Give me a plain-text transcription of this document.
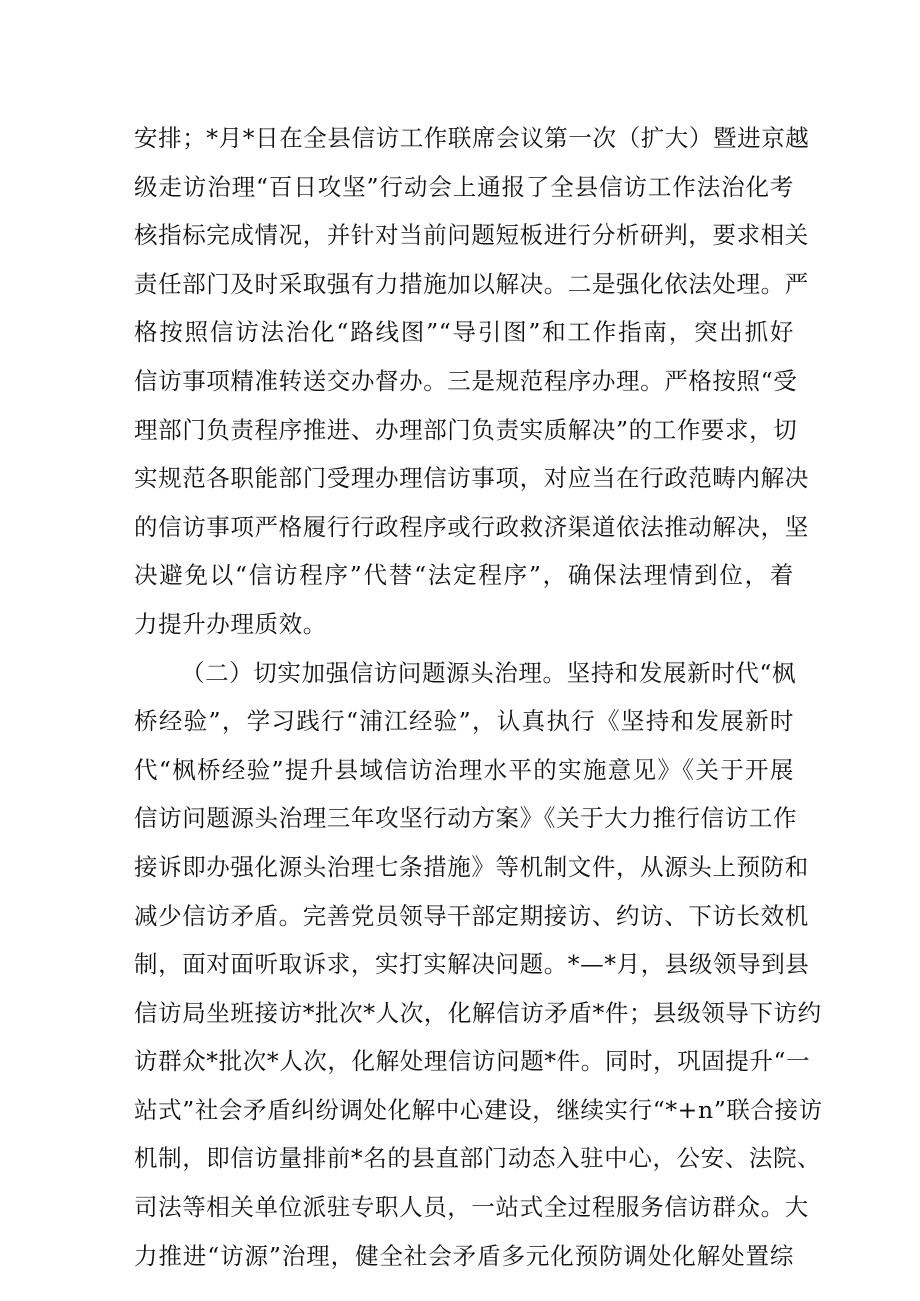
安排；*月*日在全县信访工作联席会议第一次（扩大）暨进京越
级走访治理“百日攻坚”行动会上通报了全县信访工作法治化考
核指标完成情况，并针对当前问题短板进行分析研判，要求相关
责任部门及时采取强有力措施加以解决。二是强化依法处理。严
格按照信访法治化“路线图”“导引图”和工作指南，突出抓好
信访事项精准转送交办督办。三是规范程序办理。严格按照“受
理部门负责程序推进、办理部门负责实质解决”的工作要求，切
实规范各职能部门受理办理信访事项，对应当在行政范畴内解决
的信访事项严格履行行政程序或行政救济渠道依法推动解决，坚
决避免以“信访程序”代替“法定程序”，确保法理情到位，着
力提升办理质效。
（二）切实加强信访问题源头治理。坚持和发展新时代“枫
桥经验”，学习践行“浦江经验”，认真执行《坚持和发展新时
代“枫桥经验”提升县域信访治理水平的实施意见》《关于开展
信访问题源头治理三年攻坚行动方案》《关于大力推行信访工作
接诉即办强化源头治理七条措施》等机制文件，从源头上预防和
减少信访矛盾。完善党员领导干部定期接访、约访、下访长效机
制，面对面听取诉求，实打实解决问题。*—*月，县级领导到县
信访局坐班接访*批次*人次，化解信访矛盾*件；县级领导下访约
访群众*批次*人次，化解处理信访问题*件。同时，巩固提升“一
站式”社会矛盾纠纷调处化解中心建设，继续实行“*+n”联合接访
机制，即信访量排前*名的县直部门动态入驻中心，公安、法院、
司法等相关单位派驻专职人员，一站式全过程服务信访群众。大
力推进“访源”治理，健全社会矛盾多元化预防调处化解处置综
